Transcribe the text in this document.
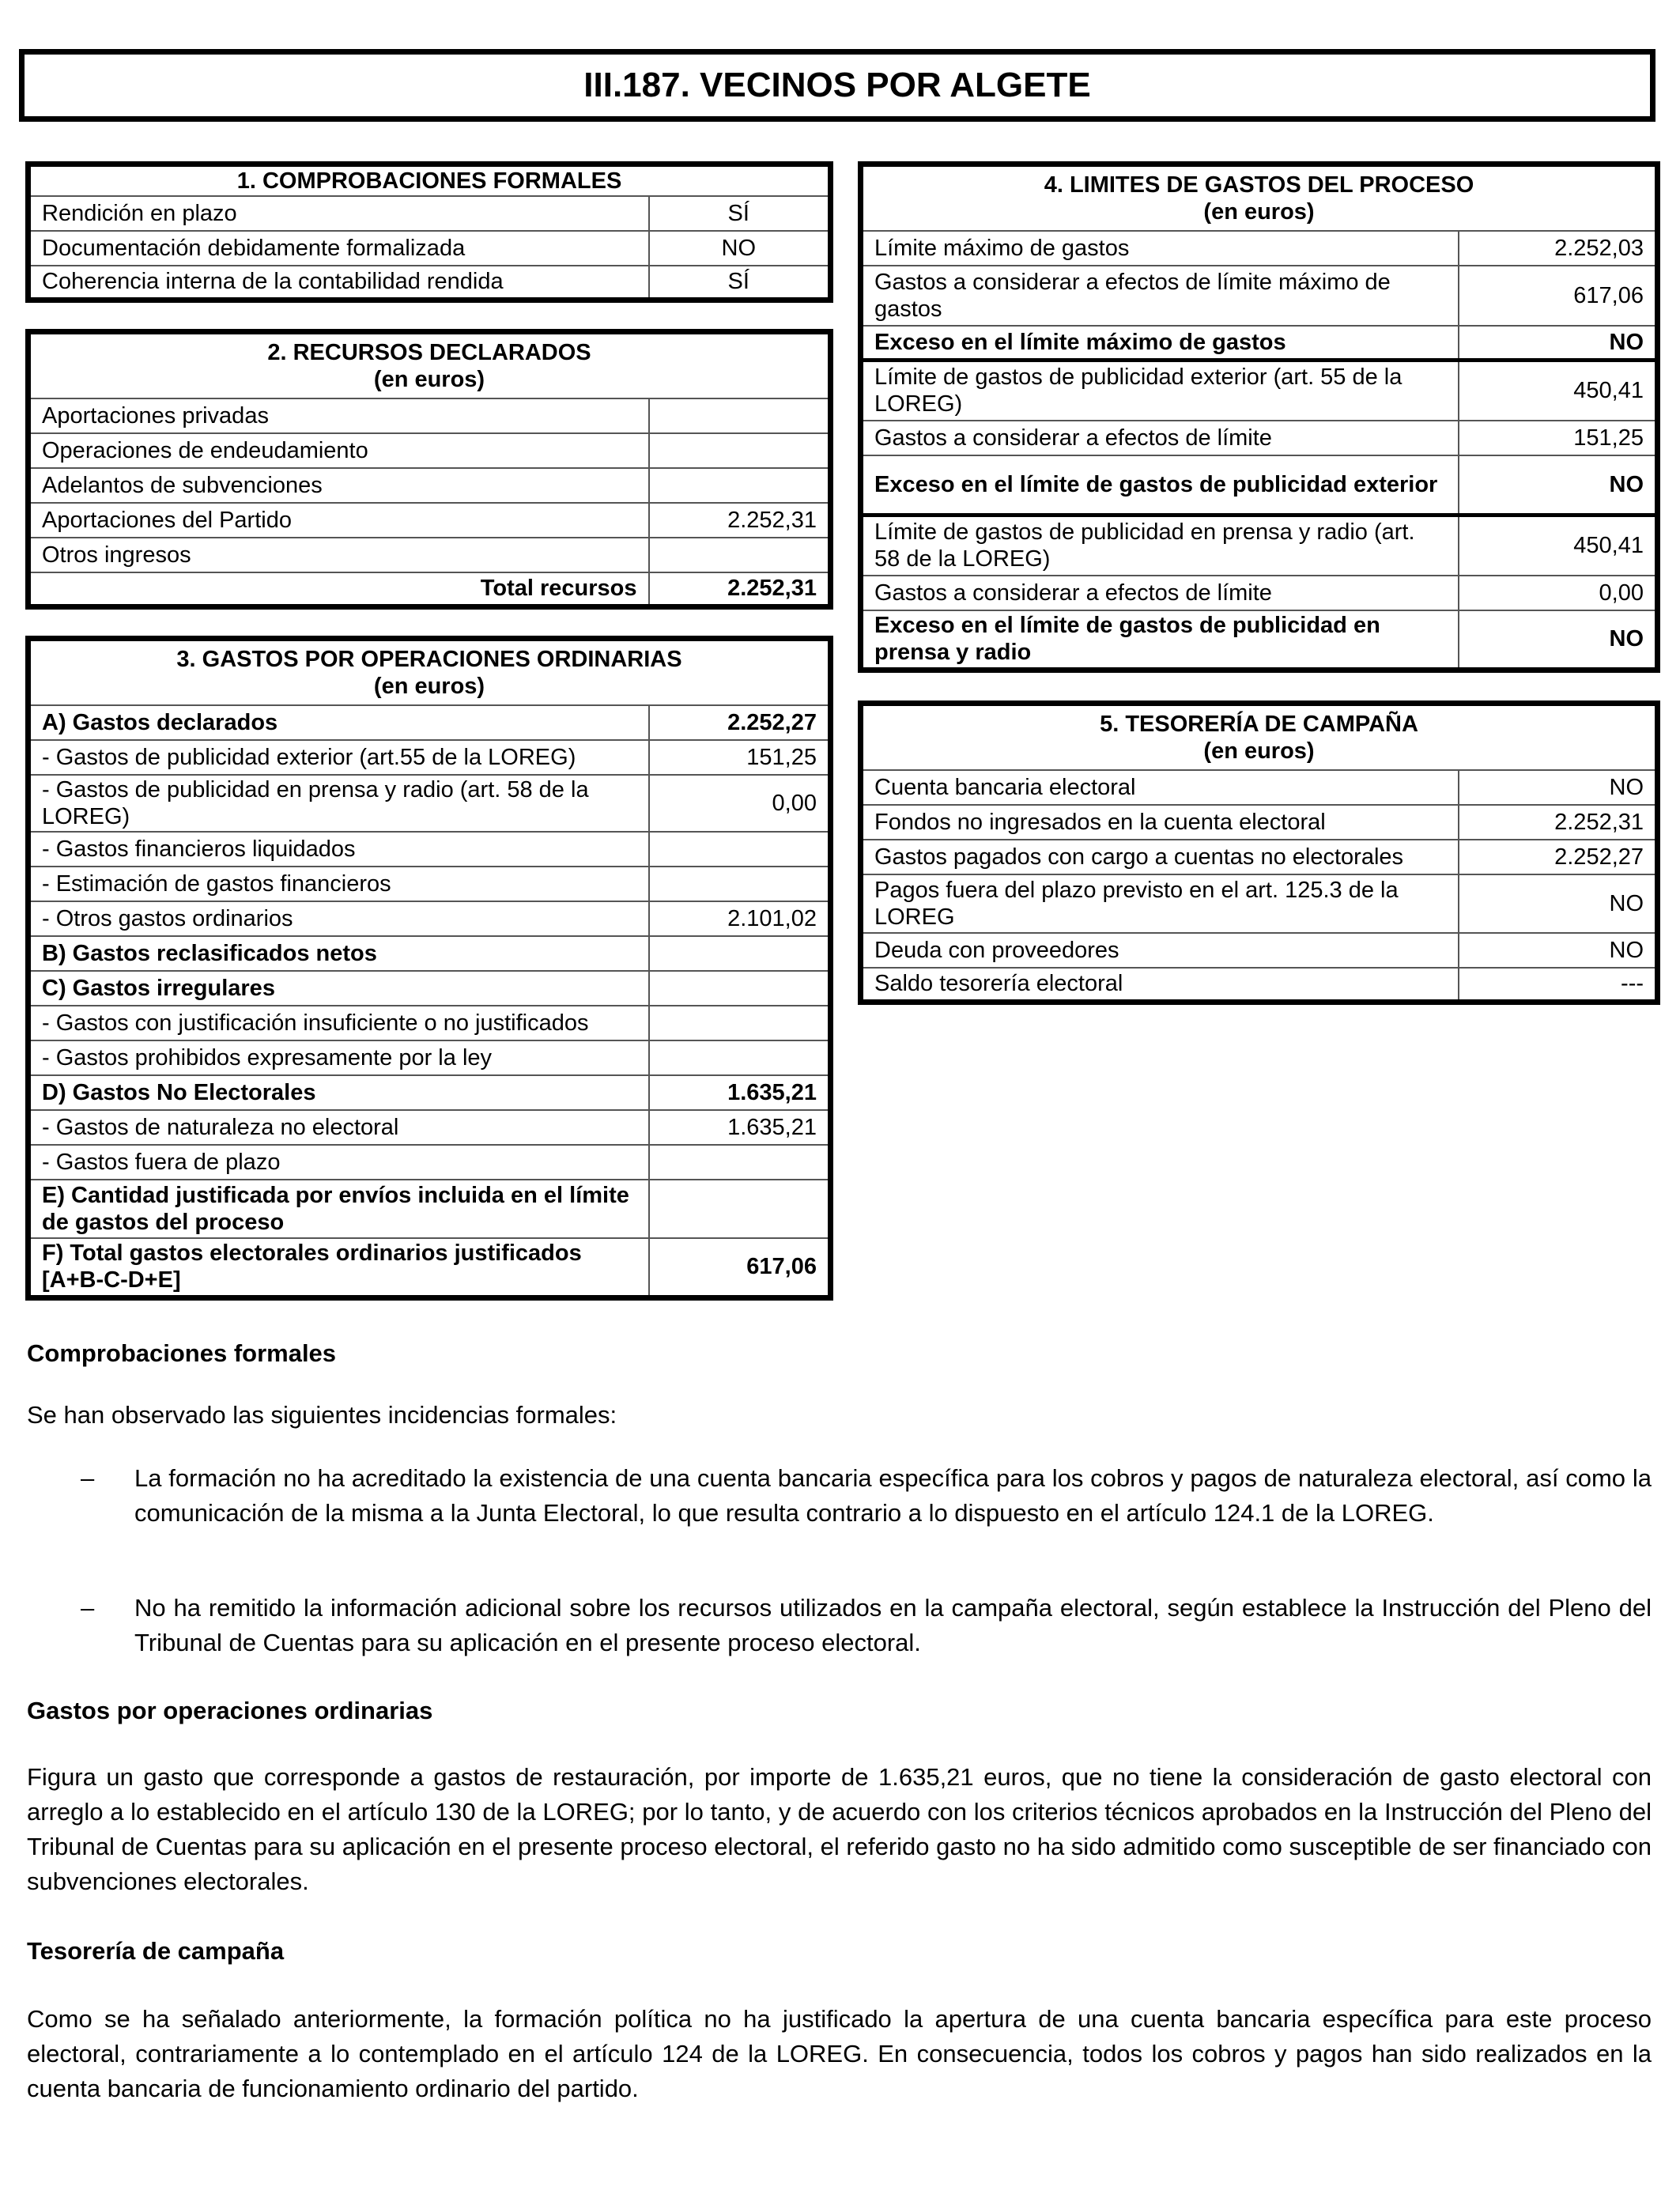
III.187. VECINOS POR ALGETE
1. COMPROBACIONES FORMALES	
Rendición en plazo	SÍ
Documentación debidamente formalizada	NO
Coherencia interna de la contabilidad rendida	SÍ
2. RECURSOS DECLARADOS
(en euros)	
Aportaciones privadas	
Operaciones de endeudamiento	
Adelantos de subvenciones	
Aportaciones del Partido	2.252,31
Otros ingresos	
Total recursos	2.252,31
3. GASTOS POR OPERACIONES ORDINARIAS
(en euros)	
A) Gastos declarados	2.252,27
- Gastos de publicidad exterior (art.55 de la LOREG)	151,25
- Gastos de publicidad en prensa y radio (art. 58 de la LOREG)	0,00
- Gastos financieros liquidados	
- Estimación de gastos financieros	
- Otros gastos ordinarios	2.101,02
B) Gastos reclasificados netos	
C) Gastos irregulares	
- Gastos con justificación insuficiente o no justificados	
- Gastos prohibidos expresamente por la ley	
D) Gastos No Electorales	1.635,21
- Gastos de naturaleza no electoral	1.635,21
- Gastos fuera de plazo	
E) Cantidad justificada por envíos incluida en el límite de gastos del proceso	
F) Total gastos electorales ordinarios justificados [A+B-C-D+E]	617,06
4. LIMITES DE GASTOS DEL PROCESO
(en euros)	
Límite máximo de gastos	2.252,03
Gastos a considerar a efectos de límite máximo de gastos	617,06
Exceso en el límite máximo de gastos	NO
Límite de gastos de publicidad exterior (art. 55 de la LOREG)	450,41
Gastos a considerar a efectos de límite	151,25
Exceso en el límite de gastos de publicidad exterior	NO
Límite de gastos de publicidad en prensa y radio (art. 58 de la LOREG)	450,41
Gastos a considerar a efectos de límite	0,00
Exceso en el límite de gastos de publicidad en prensa y radio	NO
5. TESORERÍA DE CAMPAÑA
(en euros)	
Cuenta bancaria electoral	NO
Fondos no ingresados en la cuenta electoral	2.252,31
Gastos pagados con cargo a cuentas no electorales	2.252,27
Pagos fuera del plazo previsto en el art. 125.3 de la LOREG	NO
Deuda con proveedores	NO
Saldo tesorería electoral	---
Comprobaciones formales
Se han observado las siguientes incidencias formales:
– La formación no ha acreditado la existencia de una cuenta bancaria específica para los cobros y pagos de naturaleza electoral, así como la comunicación de la misma a la Junta Electoral, lo que resulta contrario a lo dispuesto en el artículo 124.1 de la LOREG.
– No ha remitido la información adicional sobre los recursos utilizados en la campaña electoral, según establece la Instrucción del Pleno del Tribunal de Cuentas para su aplicación en el presente proceso electoral.
Gastos por operaciones ordinarias
Figura un gasto que corresponde a gastos de restauración, por importe de 1.635,21 euros, que no tiene la consideración de gasto electoral con arreglo a lo establecido en el artículo 130 de la LOREG; por lo tanto, y de acuerdo con los criterios técnicos aprobados en la Instrucción del Pleno del Tribunal de Cuentas para su aplicación en el presente proceso electoral, el referido gasto no ha sido admitido como susceptible de ser financiado con subvenciones electorales.
Tesorería de campaña
Como se ha señalado anteriormente, la formación política no ha justificado la apertura de una cuenta bancaria específica para este proceso electoral, contrariamente a lo contemplado en el artículo 124 de la LOREG. En consecuencia, todos los cobros y pagos han sido realizados en la cuenta bancaria de funcionamiento ordinario del partido.
